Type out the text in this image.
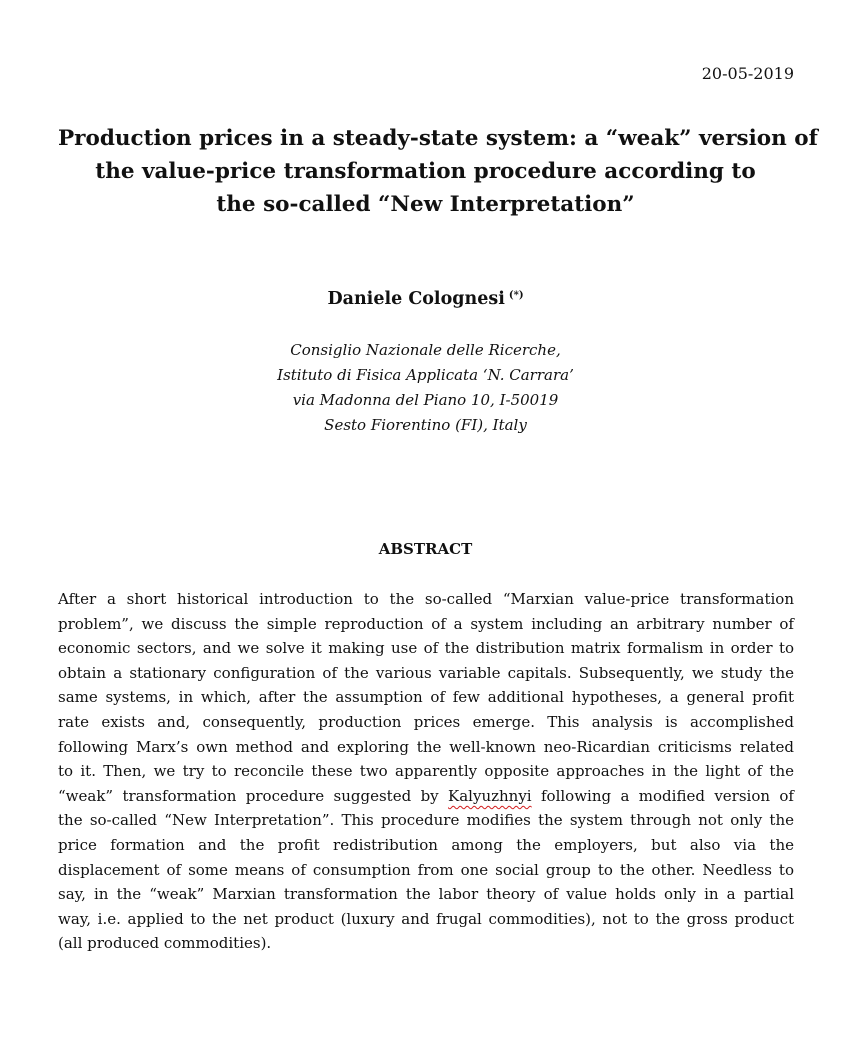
20-05-2019
Production prices in a steady-state system: a “weak” version of
the value-price transformation procedure according to
the so-called “New Interpretation”
Daniele Colognesi (*)
Consiglio Nazionale delle Ricerche,
Istituto di Fisica Applicata ‘N. Carrara’
via Madonna del Piano 10, I-50019
Sesto Fiorentino (FI), Italy
ABSTRACT
After a short historical introduction to the so-called “Marxian value-price transformation
problem”, we discuss the simple reproduction of a system including an arbitrary number of
economic sectors, and we solve it making use of the distribution matrix formalism in order to
obtain a stationary configuration of the various variable capitals. Subsequently, we study the
same systems, in which, after the assumption of few additional hypotheses, a general profit
rate exists and, consequently, production prices emerge. This analysis is accomplished
following Marx’s own method and exploring the well-known neo-Ricardian criticisms related
to it. Then, we try to reconcile these two apparently opposite approaches in the light of the
“weak” transformation procedure suggested by Kalyuzhnyi following a modified version of
the so-called “New Interpretation”. This procedure modifies the system through not only the
price formation and the profit redistribution among the employers, but also via the
displacement of some means of consumption from one social group to the other. Needless to
say, in the “weak” Marxian transformation the labor theory of value holds only in a partial
way, i.e. applied to the net product (luxury and frugal commodities), not to the gross product
(all produced commodities).
